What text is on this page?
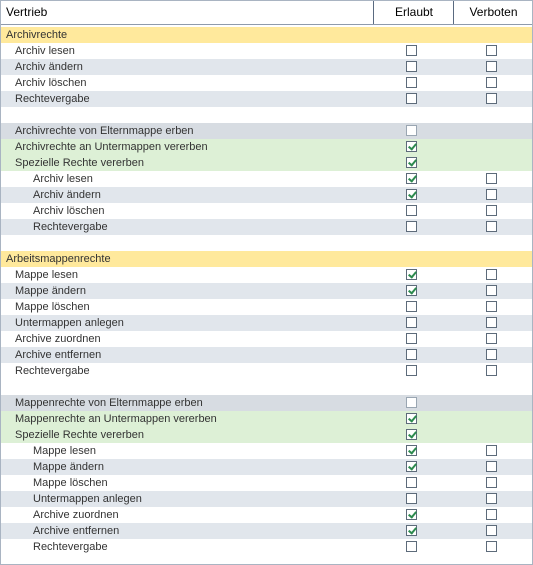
Vertrieb	Erlaubt	Verboten
Archivrechte
Archiv lesen
Archiv ändern
Archiv löschen
Rechtevergabe
Archivrechte von Elternmappe erben
Archivrechte an Untermappen vererben
Spezielle Rechte vererben
Archiv lesen
Archiv ändern
Archiv löschen
Rechtevergabe
Arbeitsmappenrechte
Mappe lesen
Mappe ändern
Mappe löschen
Untermappen anlegen
Archive zuordnen
Archive entfernen
Rechtevergabe
Mappenrechte von Elternmappe erben
Mappenrechte an Untermappen vererben
Spezielle Rechte vererben
Mappe lesen
Mappe ändern
Mappe löschen
Untermappen anlegen
Archive zuordnen
Archive entfernen
Rechtevergabe
